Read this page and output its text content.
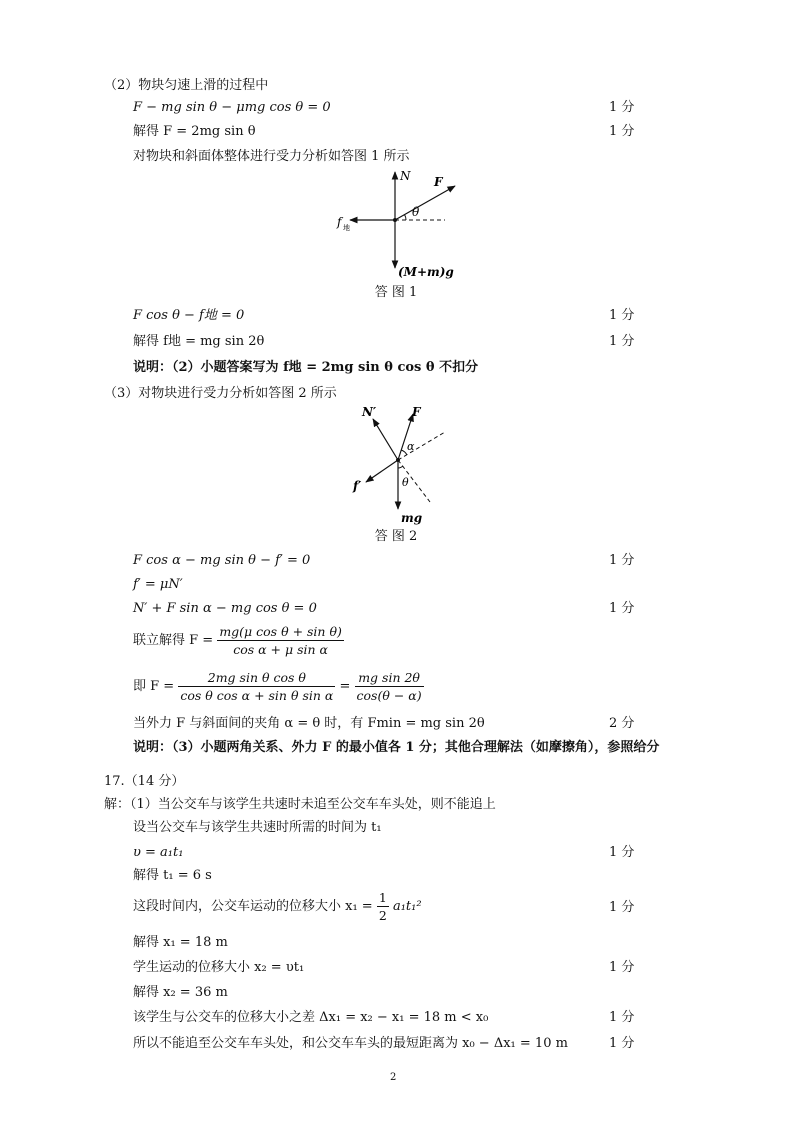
（2）物块匀速上滑的过程中
F − mg sin θ − μmg cos θ = 0	1 分
解得 F = 2mg sin θ	1 分
对物块和斜面体整体进行受力分析如答图 1 所示
N F
θ
f 地
(M+m)g
答 图 1
F cos θ − f地 = 0	1 分
解得 f地 = mg sin 2θ	1 分
说明：（2）小题答案写为 f地 = 2mg sin θ cos θ 不扣分
（3）对物块进行受力分析如答图 2 所示
N′	F
α
f′	θ
mg
答 图 2
F cos α − mg sin θ − f′ = 0	1 分
f′ = μN′
N′ + F sin α − mg cos θ = 0	1 分
联立解得 $F = \frac{\text{mg(μ cos θ + sin θ)}}{\text{cos α + μ sin α}}$
即 $F = \frac{\text{2mg sin θ cos θ}}{\text{cos θ cos α + sin θ sin α}} = \frac{\text{mg sin 2θ}}{\cos(\theta - \alpha)}$
当外力 F 与斜面间的夹角 α = θ 时，有 Fmin = mg sin 2θ	2 分
说明：（3）小题两角关系、外力 F 的最小值各 1 分；其他合理解法（如摩擦角），参照给分
17.（14 分）
解：（1）当公交车与该学生共速时未追至公交车车头处，则不能追上
设当公交车与该学生共速时所需的时间为 t₁
υ = a₁t₁	1 分
解得 t₁ = 6 s
这段时间内，公交车运动的位移大小 $x_1 = \frac{1}{2} a_1t_1^2$	1 分
解得 x₁ = 18 m
学生运动的位移大小 x₂ = υt₁	1 分
解得 x₂ = 36 m
该学生与公交车的位移大小之差 Δx₁ = x₂ − x₁ = 18 m < x₀	1 分
所以不能追至公交车车头处，和公交车车头的最短距离为 x₀ − Δx₁ = 10 m	1 分
2
